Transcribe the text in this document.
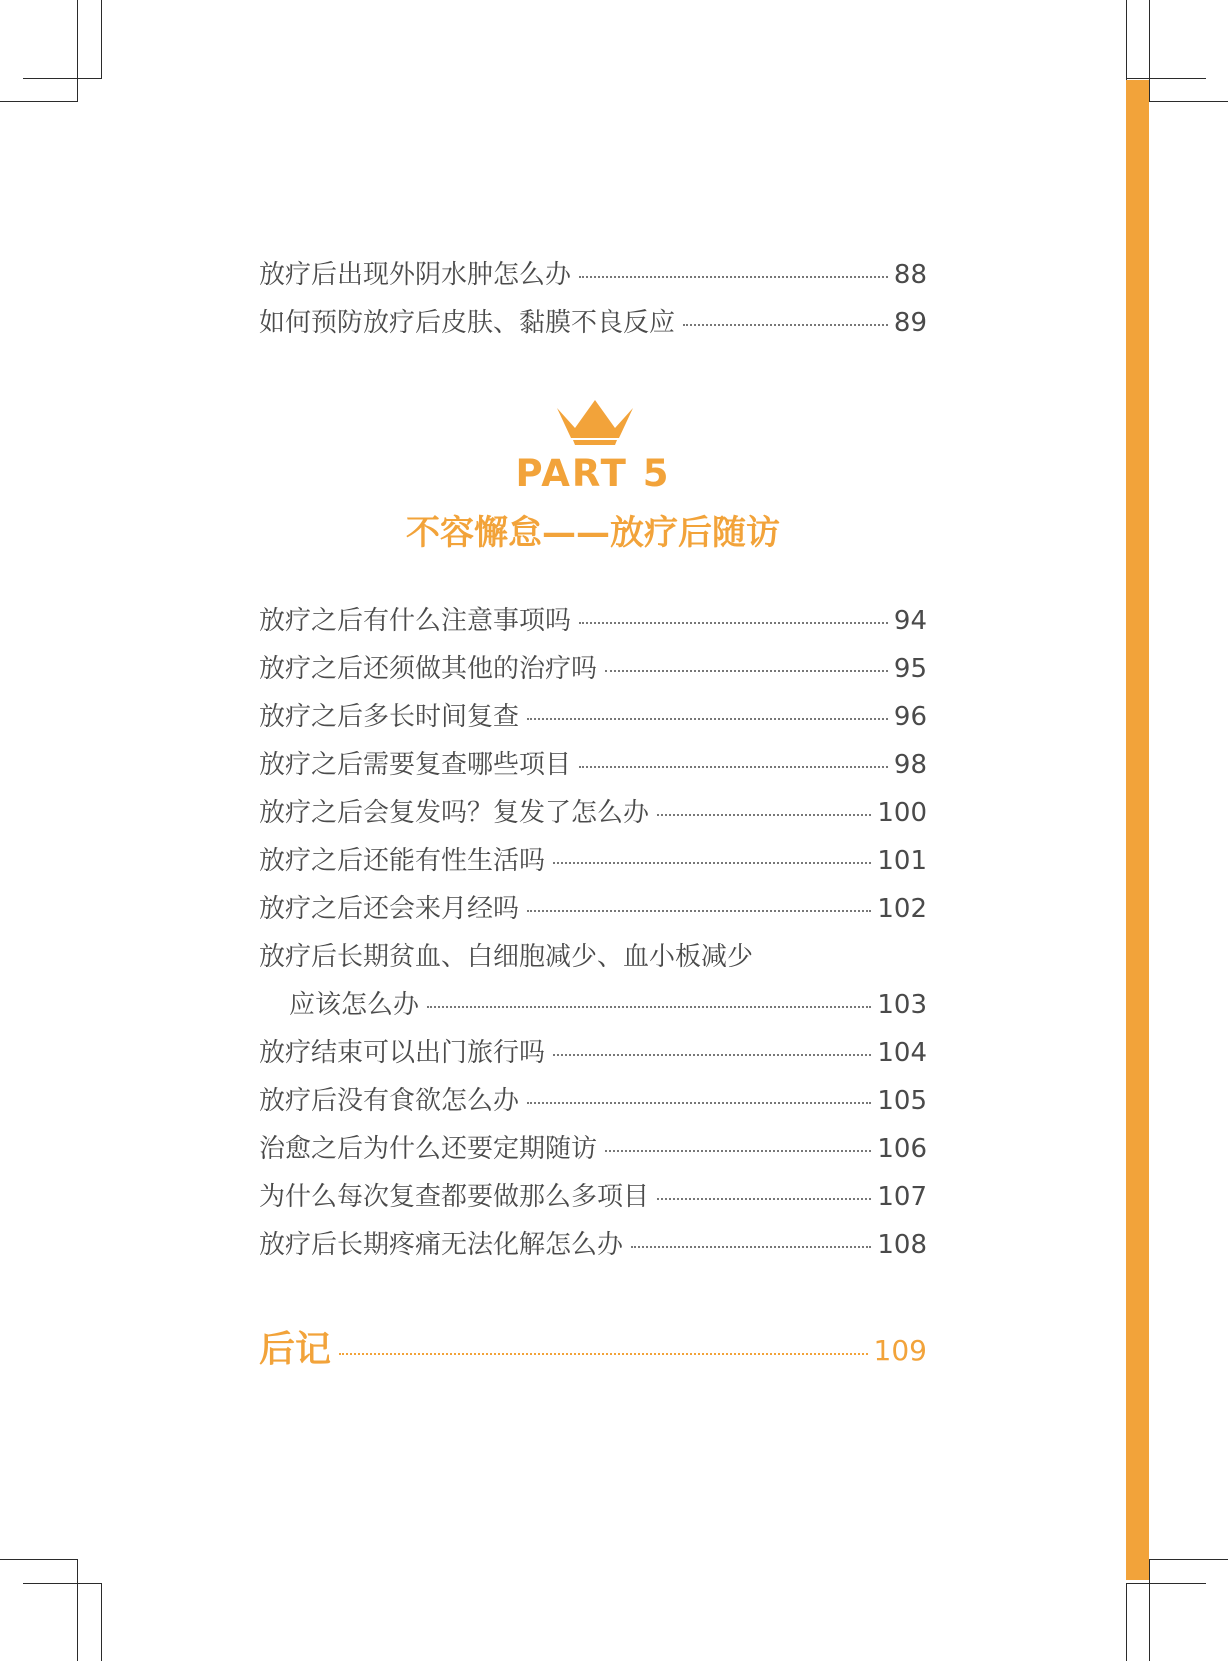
放疗后出现外阴水肿怎么办	88
如何预防放疗后皮肤、黏膜不良反应	89
PART 5
不容懈怠——放疗后随访
放疗之后有什么注意事项吗	94
放疗之后还须做其他的治疗吗	95
放疗之后多长时间复查	96
放疗之后需要复查哪些项目	98
放疗之后会复发吗？复发了怎么办	100
放疗之后还能有性生活吗	101
放疗之后还会来月经吗	102
放疗后长期贫血、白细胞减少、血小板减少
应该怎么办	103
放疗结束可以出门旅行吗	104
放疗后没有食欲怎么办	105
治愈之后为什么还要定期随访	106
为什么每次复查都要做那么多项目	107
放疗后长期疼痛无法化解怎么办	108
后记	109
